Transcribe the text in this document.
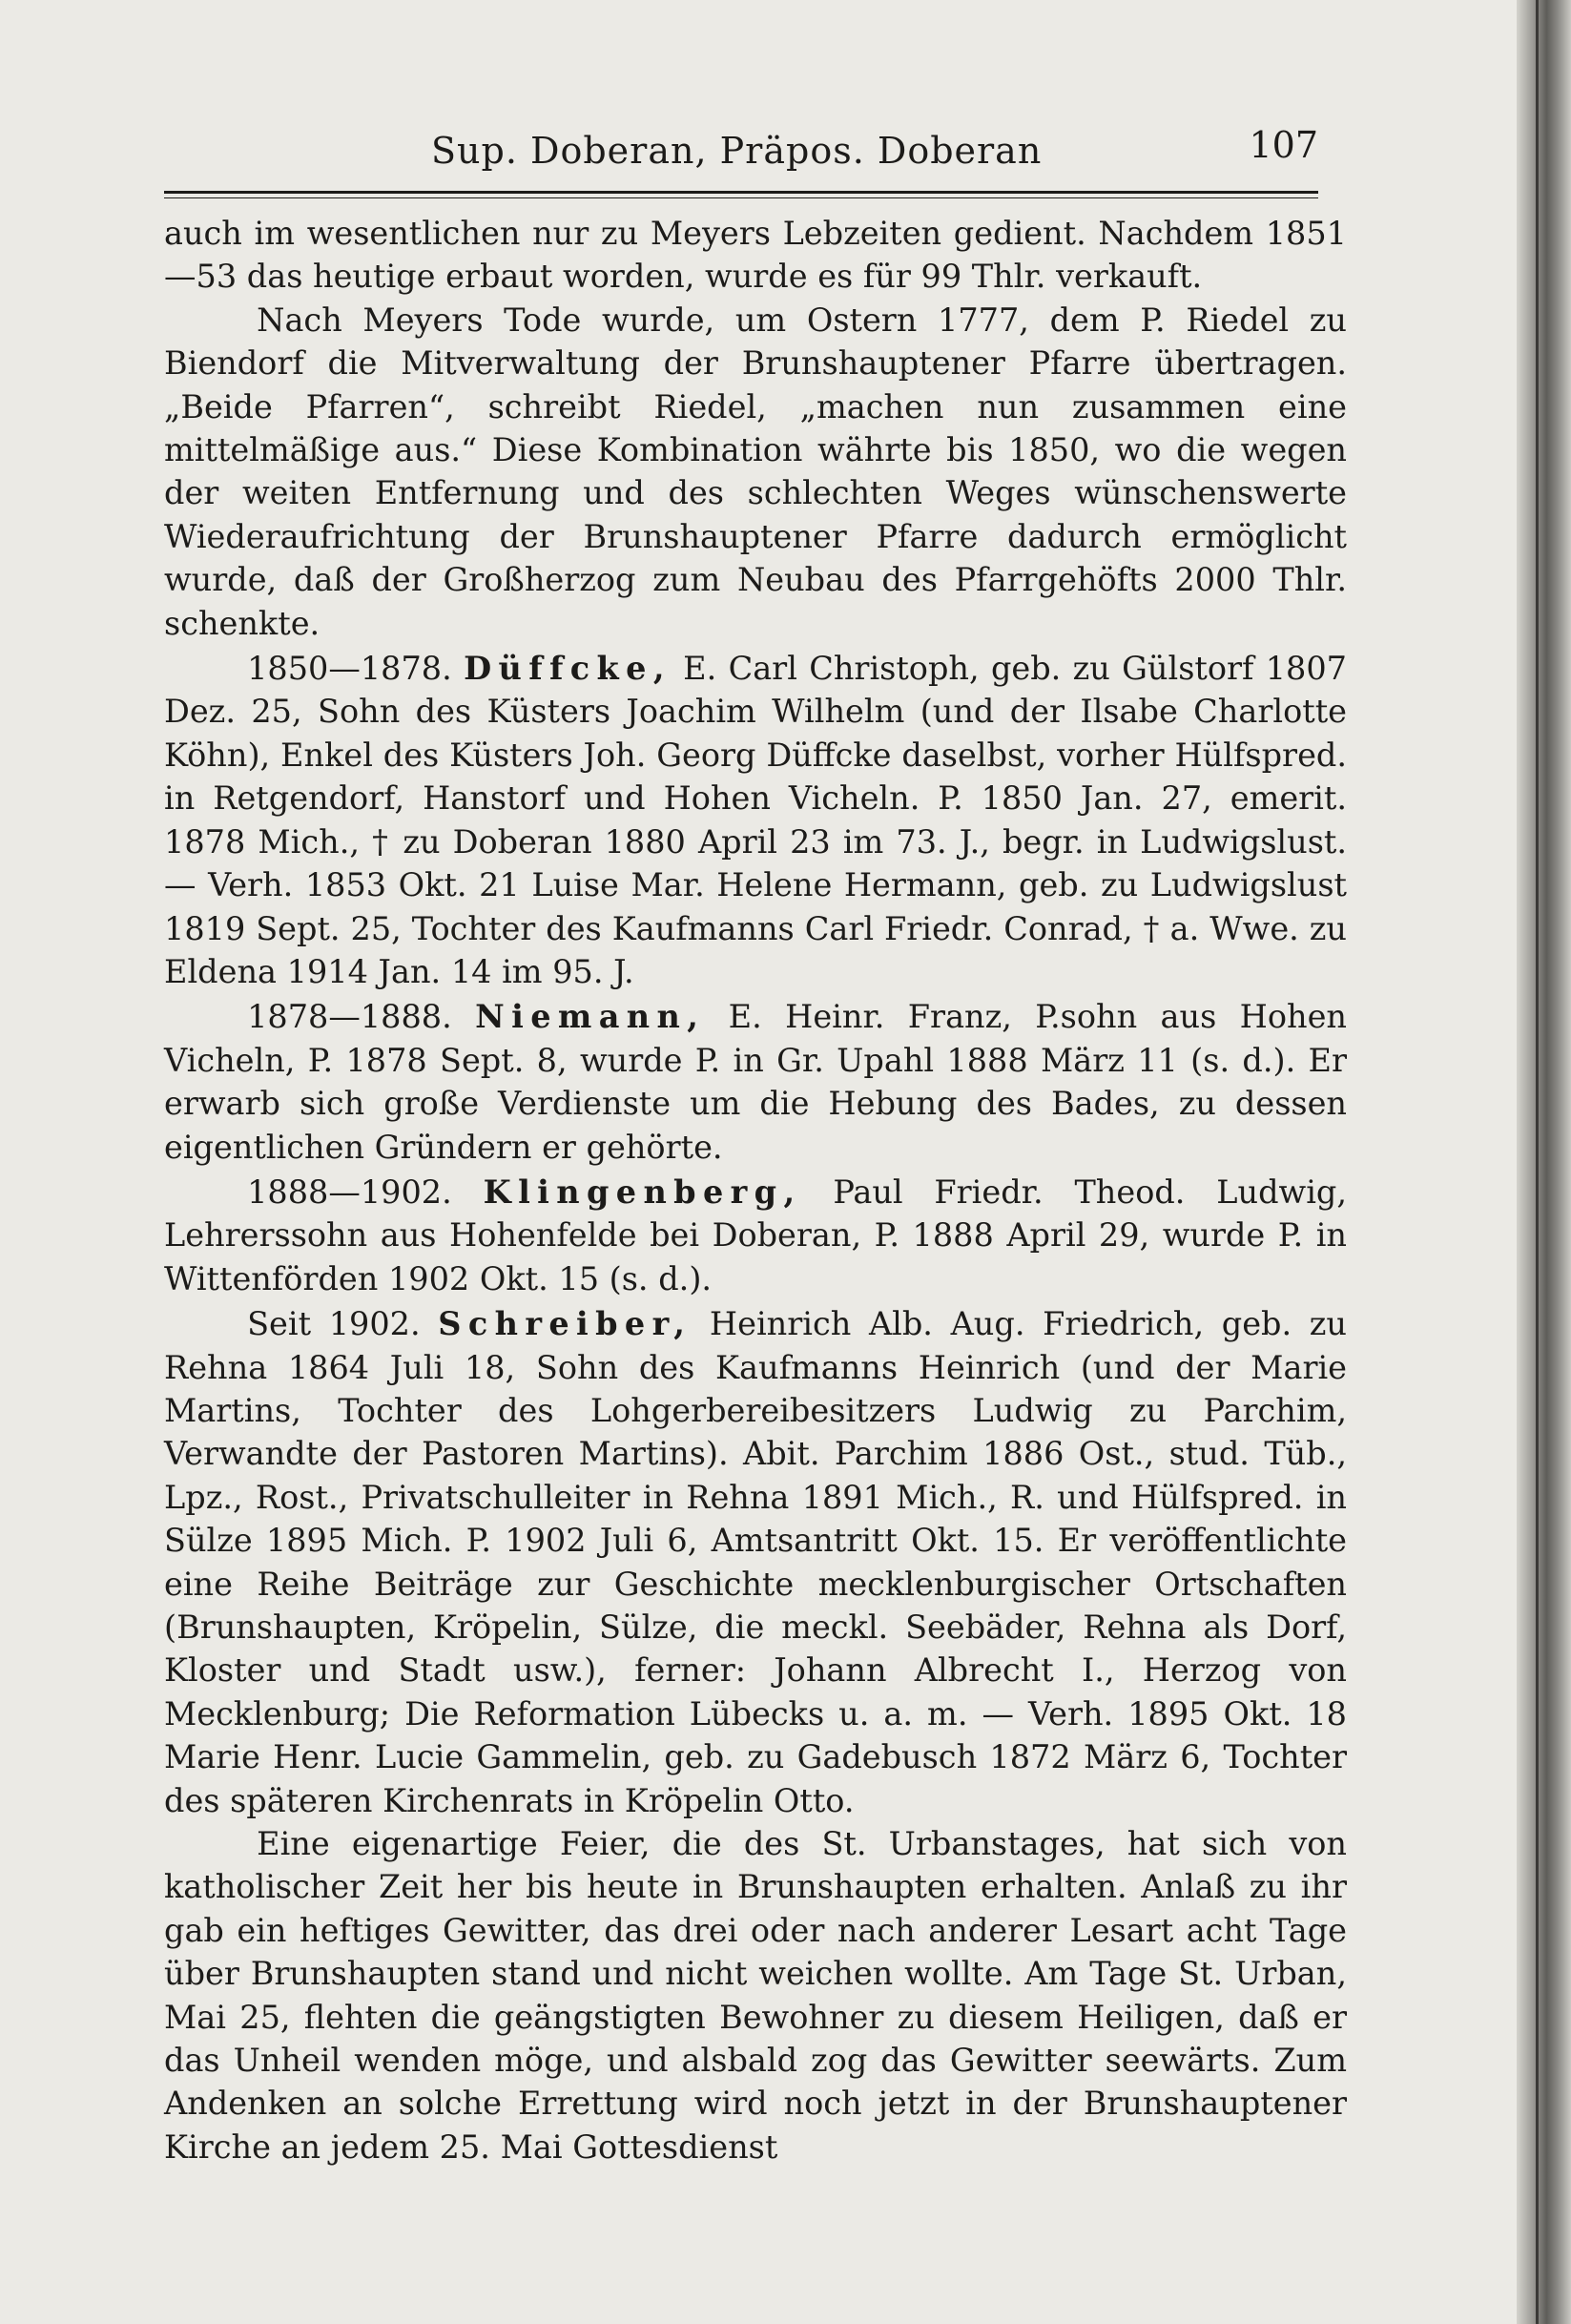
Sup. Doberan, Präpos. Doberan	107

auch im wesentlichen nur zu Meyers Lebzeiten gedient. Nachdem 1851—53 das heutige erbaut worden, wurde es für 99 Thlr. verkauft.

Nach Meyers Tode wurde, um Ostern 1777, dem P. Riedel zu Biendorf die Mitverwaltung der Brunshauptener Pfarre übertragen. „Beide Pfarren“, schreibt Riedel, „machen nun zusammen eine mittelmäßige aus.“ Diese Kombination währte bis 1850, wo die wegen der weiten Entfernung und des schlechten Weges wünschenswerte Wiederaufrichtung der Brunshauptener Pfarre dadurch ermöglicht wurde, daß der Großherzog zum Neubau des Pfarrgehöfts 2000 Thlr. schenkte.

1850—1878. Düffcke, E. Carl Christoph, geb. zu Gülstorf 1807 Dez. 25, Sohn des Küsters Joachim Wilhelm (und der Ilsabe Charlotte Köhn), Enkel des Küsters Joh. Georg Düffcke daselbst, vorher Hülfspred. in Retgendorf, Hanstorf und Hohen Vicheln. P. 1850 Jan. 27, emerit. 1878 Mich., † zu Doberan 1880 April 23 im 73. J., begr. in Ludwigslust. — Verh. 1853 Okt. 21 Luise Mar. Helene Hermann, geb. zu Ludwigslust 1819 Sept. 25, Tochter des Kaufmanns Carl Friedr. Conrad, † a. Wwe. zu Eldena 1914 Jan. 14 im 95. J.

1878—1888. Niemann, E. Heinr. Franz, P.sohn aus Hohen Vicheln, P. 1878 Sept. 8, wurde P. in Gr. Upahl 1888 März 11 (s. d.). Er erwarb sich große Verdienste um die Hebung des Bades, zu dessen eigentlichen Gründern er gehörte.

1888—1902. Klingenberg, Paul Friedr. Theod. Ludwig, Lehrerssohn aus Hohenfelde bei Doberan, P. 1888 April 29, wurde P. in Wittenförden 1902 Okt. 15 (s. d.).

Seit 1902. Schreiber, Heinrich Alb. Aug. Friedrich, geb. zu Rehna 1864 Juli 18, Sohn des Kaufmanns Heinrich (und der Marie Martins, Tochter des Lohgerbereibesitzers Ludwig zu Parchim, Verwandte der Pastoren Martins). Abit. Parchim 1886 Ost., stud. Tüb., Lpz., Rost., Privatschulleiter in Rehna 1891 Mich., R. und Hülfspred. in Sülze 1895 Mich. P. 1902 Juli 6, Amtsantritt Okt. 15. Er veröffentlichte eine Reihe Beiträge zur Geschichte mecklenburgischer Ortschaften (Brunshaupten, Kröpelin, Sülze, die meckl. Seebäder, Rehna als Dorf, Kloster und Stadt usw.), ferner: Johann Albrecht I., Herzog von Mecklenburg; Die Reformation Lübecks u. a. m. — Verh. 1895 Okt. 18 Marie Henr. Lucie Gammelin, geb. zu Gadebusch 1872 März 6, Tochter des späteren Kirchenrats in Kröpelin Otto.

Eine eigenartige Feier, die des St. Urbanstages, hat sich von katholischer Zeit her bis heute in Brunshaupten erhalten. Anlaß zu ihr gab ein heftiges Gewitter, das drei oder nach anderer Lesart acht Tage über Brunshaupten stand und nicht weichen wollte. Am Tage St. Urban, Mai 25, flehten die geängstigten Bewohner zu diesem Heiligen, daß er das Unheil wenden möge, und alsbald zog das Gewitter seewärts. Zum Andenken an solche Errettung wird noch jetzt in der Brunshauptener Kirche an jedem 25. Mai Gottesdienst
